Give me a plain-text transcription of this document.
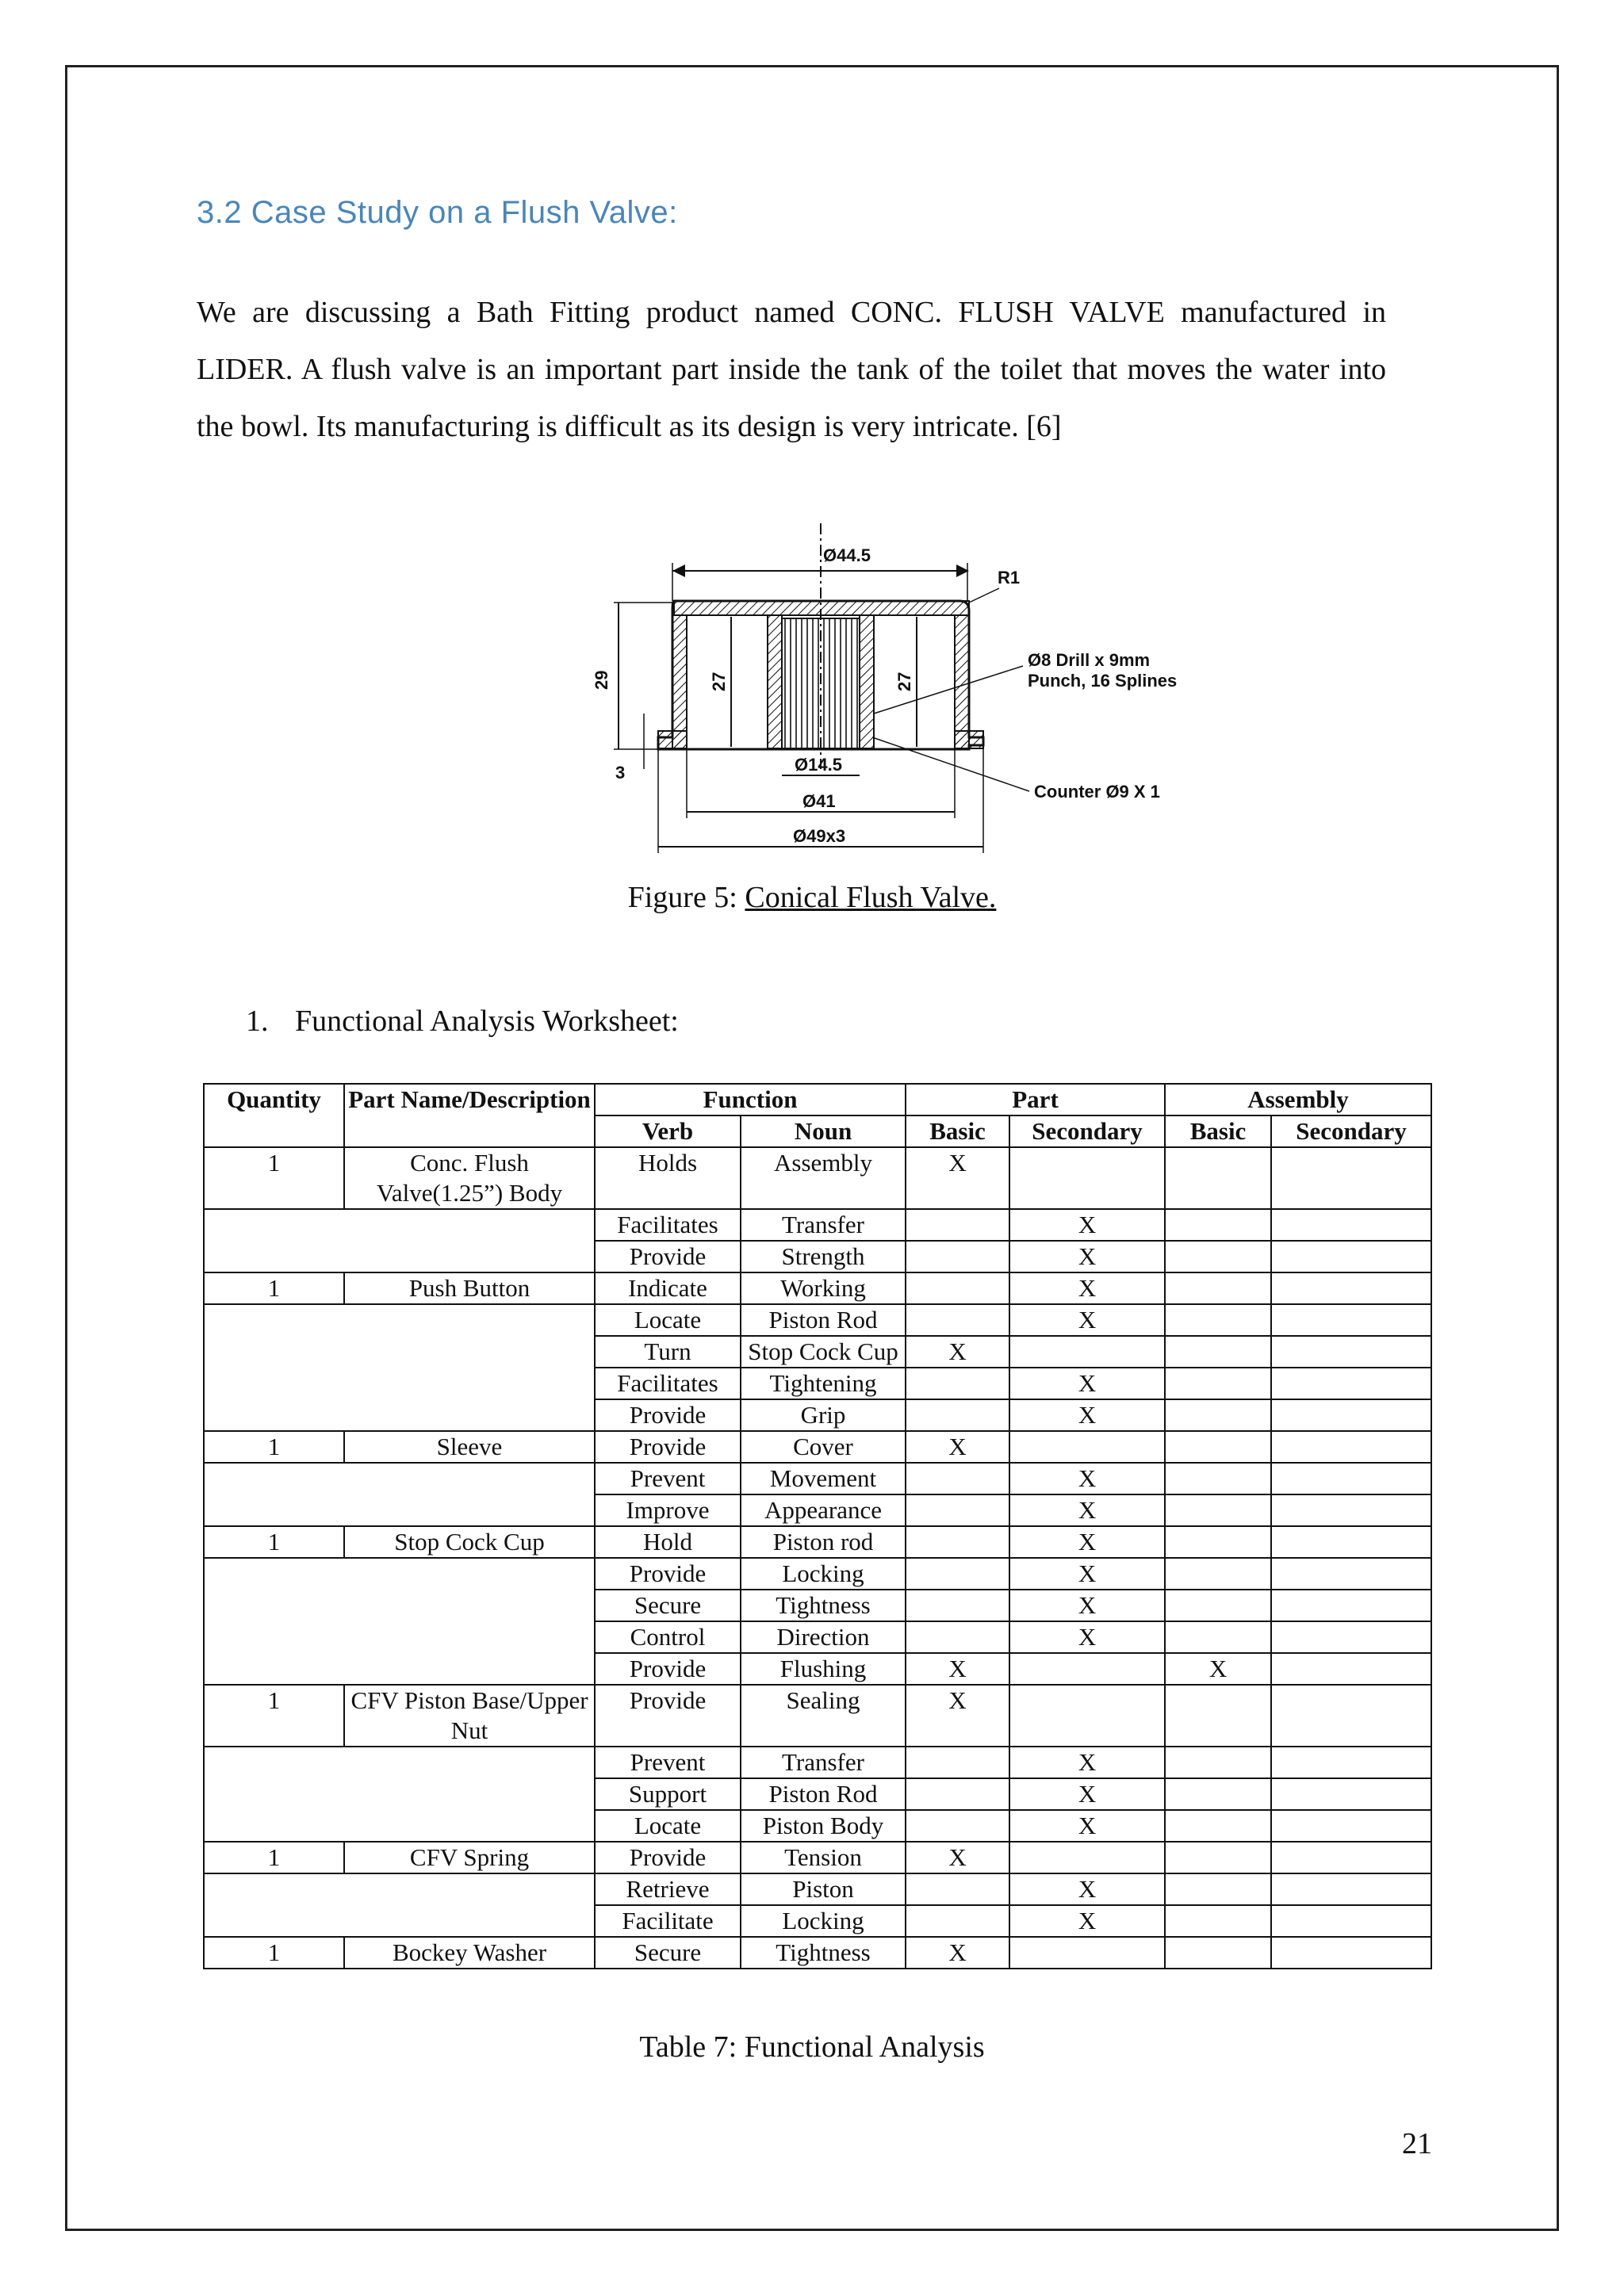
3.2 Case Study on a Flush Valve:
We are discussing a Bath Fitting product named CONC. FLUSH VALVE manufactured in LIDER. A flush valve is an important part inside the tank of the toilet that moves the water into the bowl. Its manufacturing is difficult as its design is very intricate. [6]
Ø44.5
R1
29	27	27
3
Ø8 Drill x 9mm
Punch, 16 Splines
Counter Ø9 X 1
Ø14.5
Ø41
Ø49x3
Figure 5: Conical Flush Valve.
1. Functional Analysis Worksheet:
Quantity	Part Name/Description	Function		Part		Assembly	
		Verb	Noun	Basic	Secondary	Basic	Secondary
1	Conc. Flush Valve(1.25”) Body	Holds	Assembly	X			
		Facilitates	Transfer		X		
		Provide	Strength		X		
1	Push Button	Indicate	Working		X		
		Locate	Piston Rod		X		
		Turn	Stop Cock Cup	X			
		Facilitates	Tightening		X		
		Provide	Grip		X		
1	Sleeve	Provide	Cover	X			
		Prevent	Movement		X		
		Improve	Appearance		X		
1	Stop Cock Cup	Hold	Piston rod		X		
		Provide	Locking		X		
		Secure	Tightness		X		
		Control	Direction		X		
		Provide	Flushing	X		X	
1	CFV Piston Base/Upper Nut	Provide	Sealing	X			
		Prevent	Transfer		X		
		Support	Piston Rod		X		
		Locate	Piston Body		X		
1	CFV Spring	Provide	Tension	X			
		Retrieve	Piston		X		
		Facilitate	Locking		X		
1	Bockey Washer	Secure	Tightness	X			
Table 7: Functional Analysis
21
